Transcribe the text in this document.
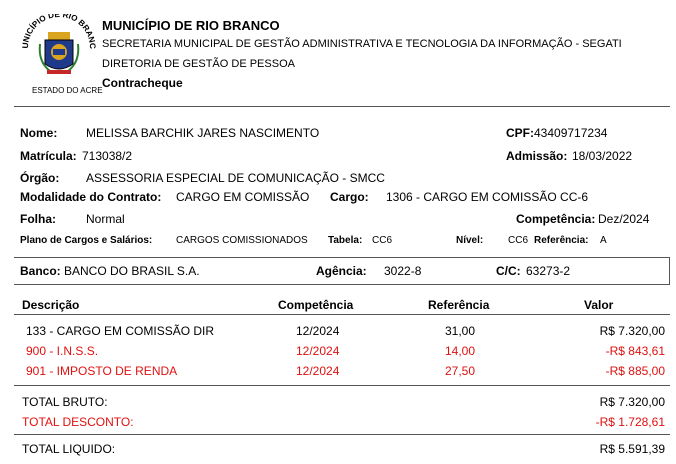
UNICÍPIO DE RIO BRANC
ESTADO DO ACRE
MUNICÍPIO DE RIO BRANCO
SECRETARIA MUNICIPAL DE GESTÃO ADMINISTRATIVA E TECNOLOGIA DA INFORMAÇÃO - SEGATI
DIRETORIA DE GESTÃO DE PESSOA
Contracheque
Nome: MELISSA BARCHIK JARES NASCIMENTO	CPF: 43409717234
Matrícula: 713038/2	Admissão: 18/03/2022
Órgão: ASSESSORIA ESPECIAL DE COMUNICAÇÃO - SMCC
Modalidade do Contrato: CARGO EM COMISSÃO Cargo: 1306 - CARGO EM COMISSÃO CC-6
Folha:	Normal	Competência: Dez/2024
Plano de Cargos e Salários: CARGOS COMISSIONADOS Tabela: CC6	Nível: CC6 Referência: A
Banco: BANCO DO BRASIL S.A.	Agência: 3022-8	C/C: 63273-2
Descrição	Competência	Referência	Valor
133 - CARGO EM COMISSÃO DIR	12/2024	31,00	R$ 7.320,00
900 - I.N.S.S.	12/2024	14,00	-R$ 843,61
901 - IMPOSTO DE RENDA	12/2024	27,50	-R$ 885,00
TOTAL BRUTO:	R$ 7.320,00
TOTAL DESCONTO:	-R$ 1.728,61
TOTAL LIQUIDO:	R$ 5.591,39
